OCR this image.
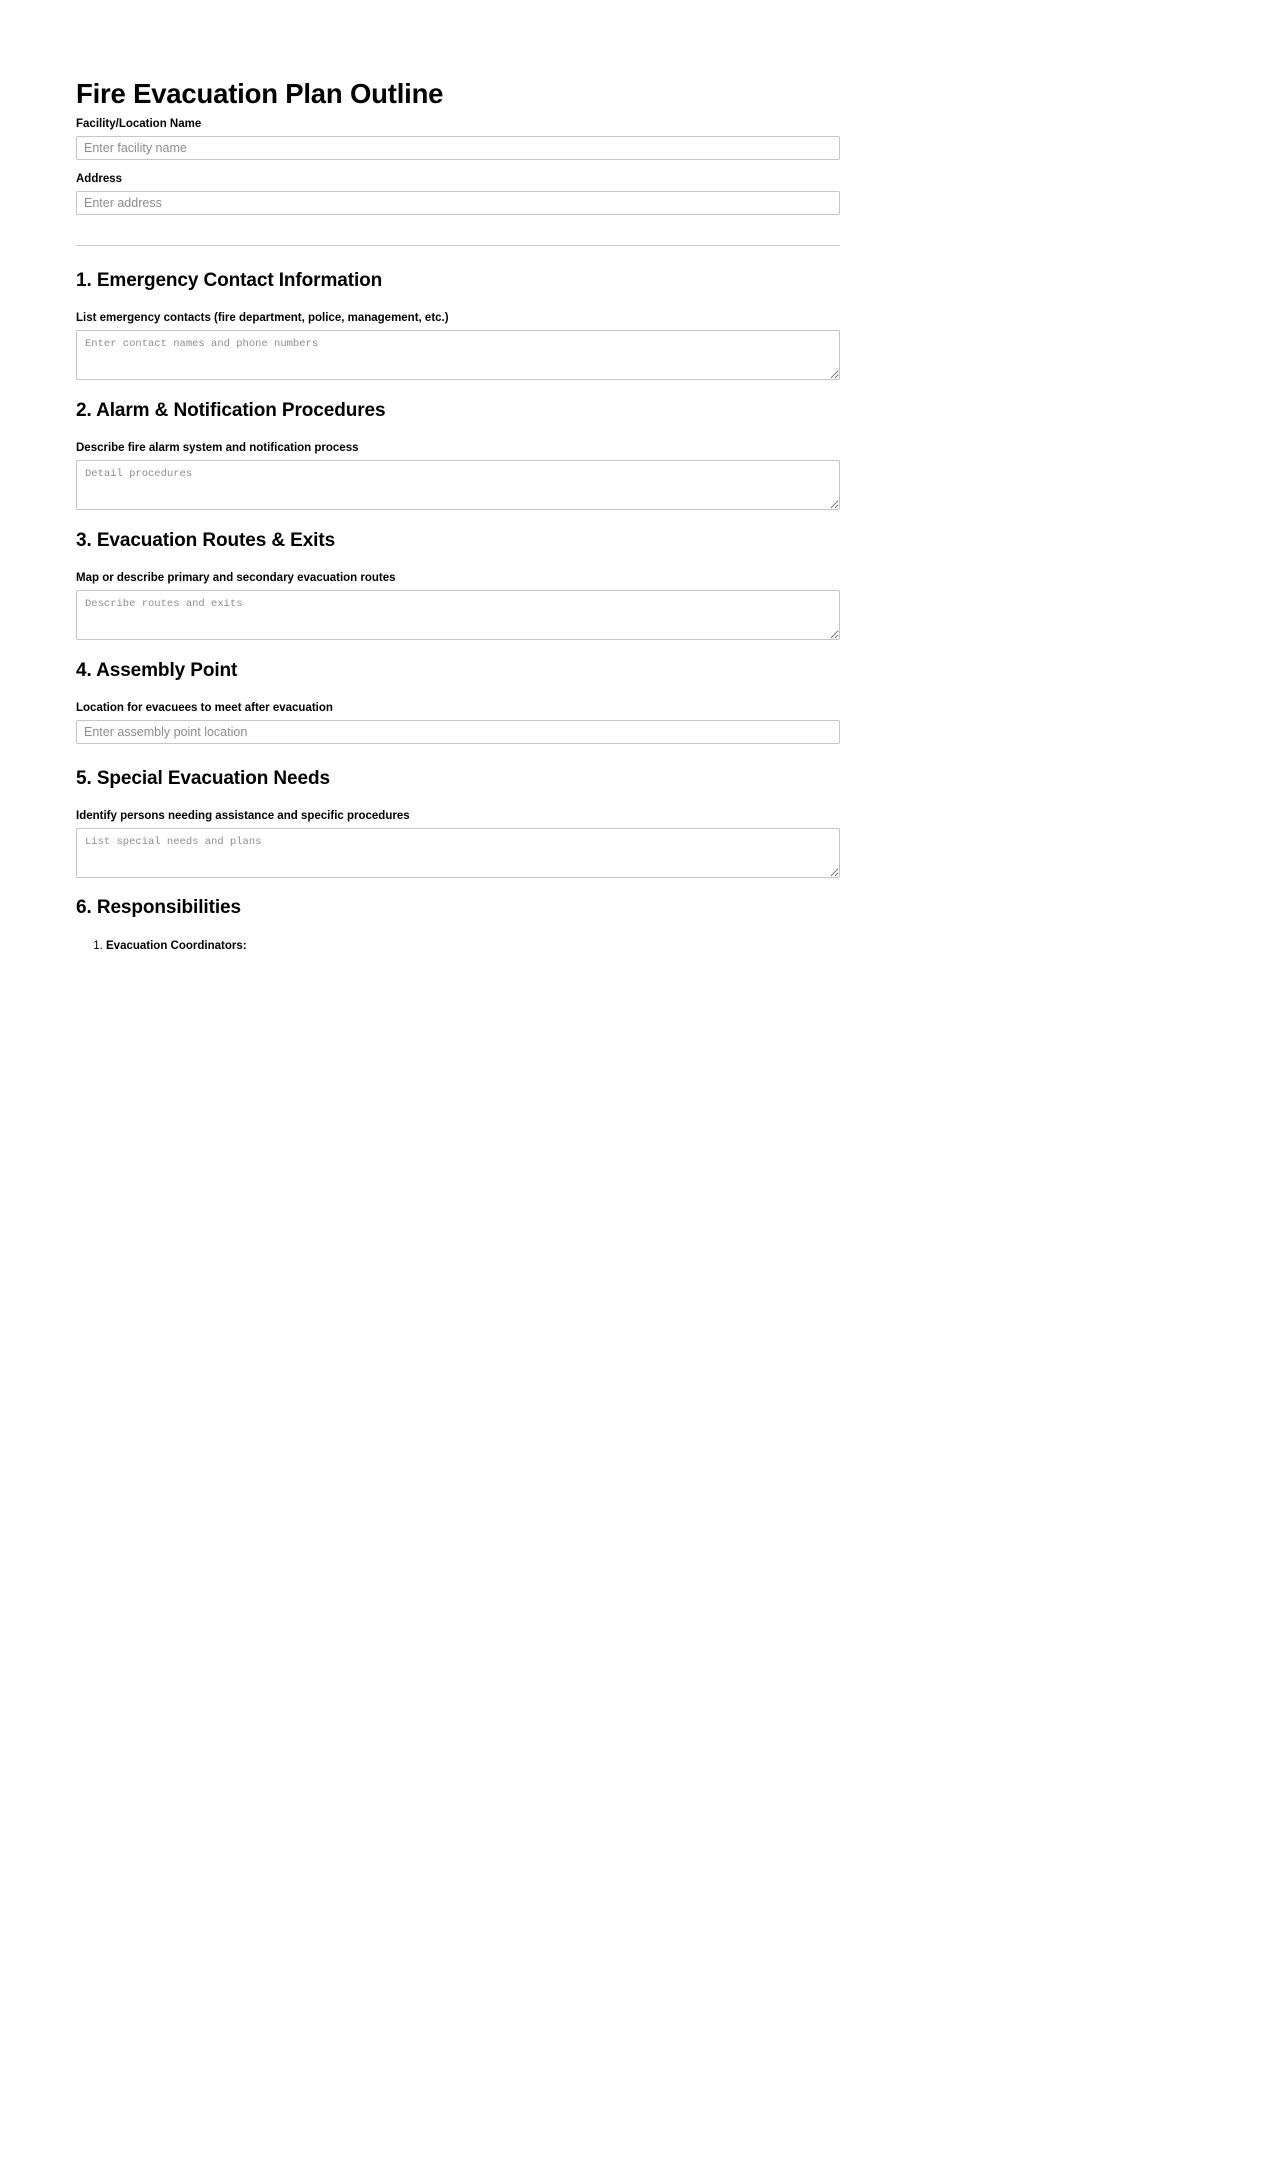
Fire Evacuation Plan Outline
Facility/Location Name
Enter facility name
Address
Enter address
1. Emergency Contact Information
List emergency contacts (fire department, police, management, etc.)
Enter contact names and phone numbers
2. Alarm & Notification Procedures
Describe fire alarm system and notification process
Detail procedures
3. Evacuation Routes & Exits
Map or describe primary and secondary evacuation routes
Describe routes and exits
4. Assembly Point
Location for evacuees to meet after evacuation
Enter assembly point location
5. Special Evacuation Needs
Identify persons needing assistance and specific procedures
List special needs and plans
6. Responsibilities
1. Evacuation Coordinators:
